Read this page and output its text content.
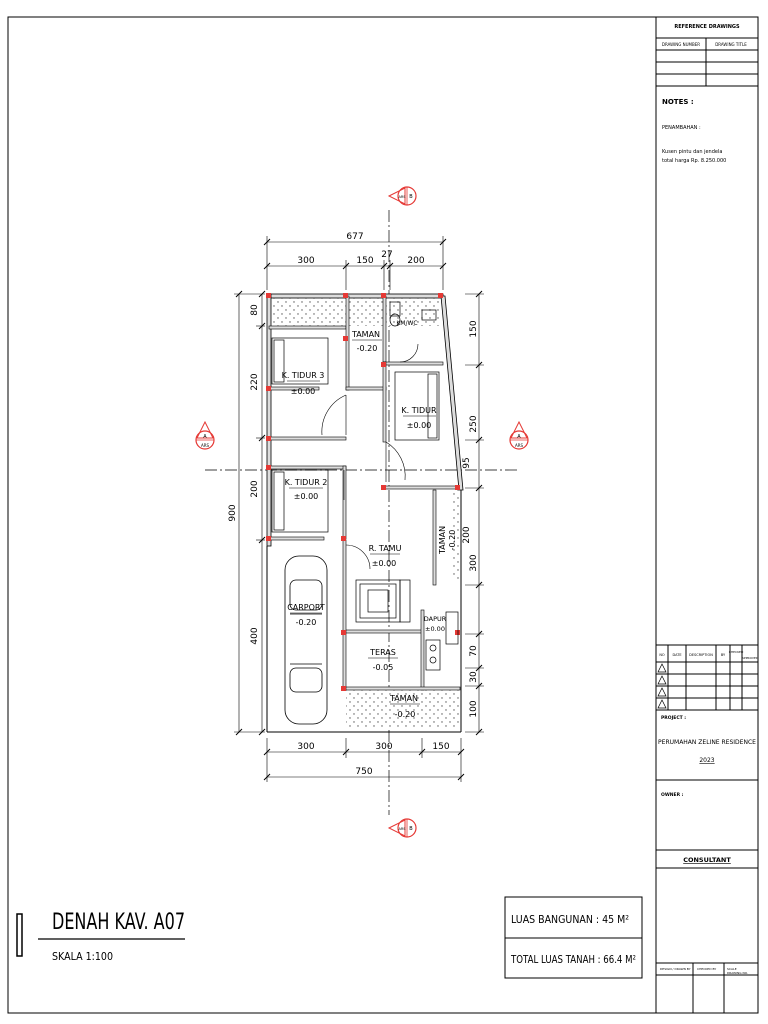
REFERENCE DRAWINGS
DRAWING NUMBER	DRAWING TITLE
NOTES :
PENAMBAHAN :
Kusen pintu dan jendela
total harga Rp. 8.250.000
NO DATE DESCRIPTION BY
CHECKED
APPROVED
PROJECT :
PERUMAHAN ZELINE RESIDENCE
2023
OWNER :
CONSULTANT
DESIGN / DRAWN BY CHECKED BY	SCALE
DRAWING NO.
DENAH KAV. A07
SKALA 1:100
LUAS BANGUNAN : 45 M²
TOTAL LUAS TANAH : 66.4 M²
A
ARS
A
ARS
B
ARS
B
ARS
TAMAN
-0.20
KM/WC
K. TIDUR 3
±0.00
K. TIDUR
±0.00
K. TIDUR 2
±0.00
R. TAMU
±0.00
TAMAN -0.20
CARPORT
-0.20	DAPUR
±0.00
TERAS
-0.05
TAMAN
-0.20
677
300	150
27
200
300	300	150
750
900
80
220
200
400
150
250
95
200
300
70
30
100
